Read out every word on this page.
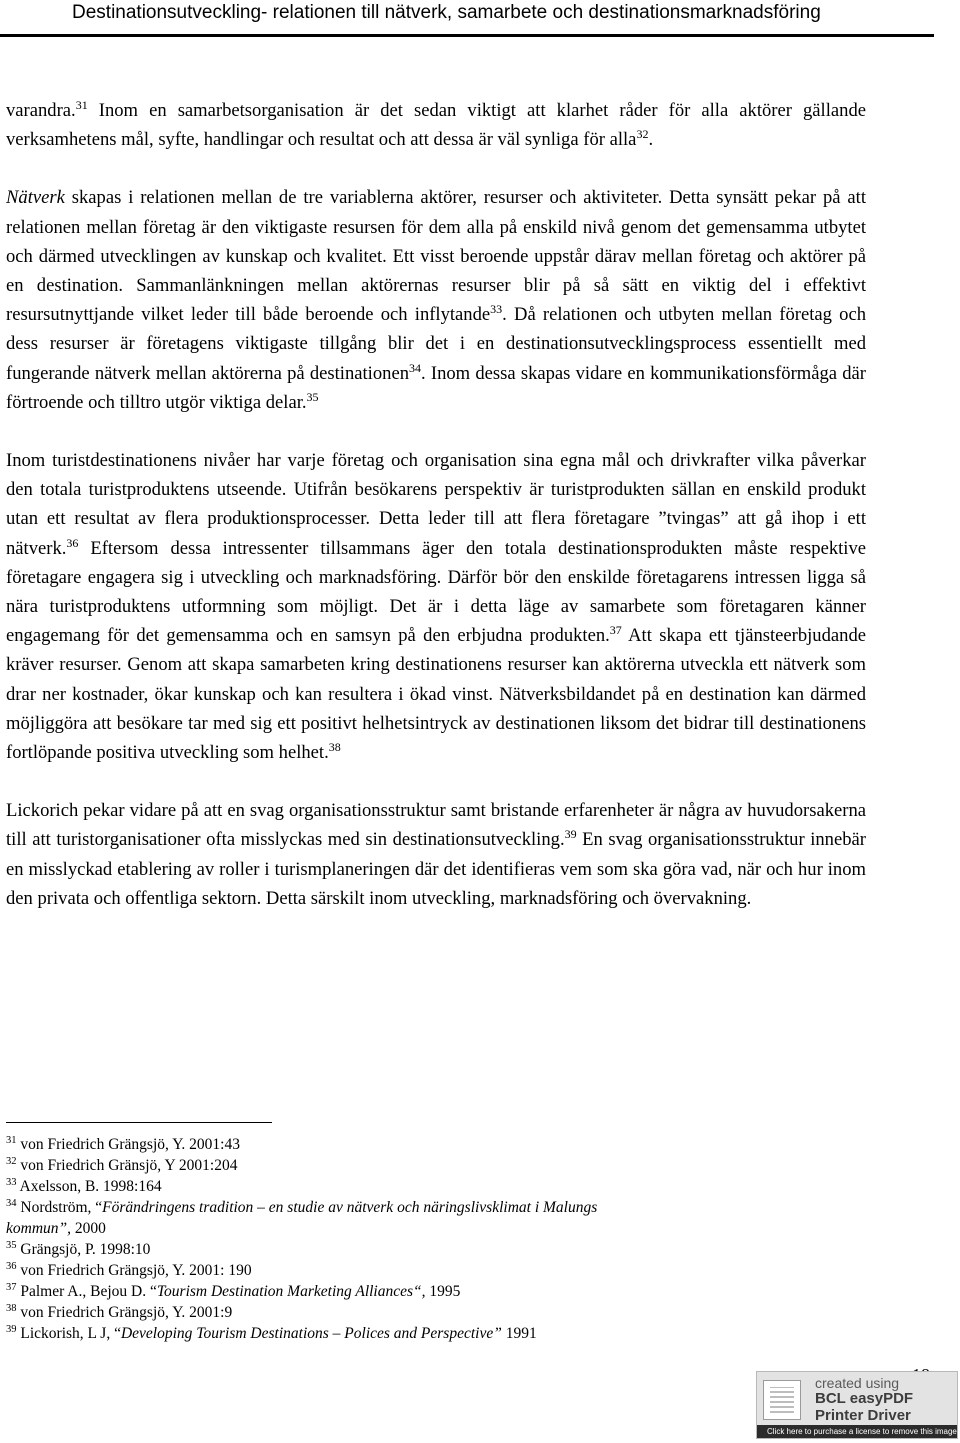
Destinationsutveckling- relationen till nätverk, samarbete och destinationsmarknadsföring

varandra.$^{31}$ Inom en samarbetsorganisation är det sedan viktigt att klarhet råder för alla aktörer gällande verksamhetens mål, syfte, handlingar och resultat och att dessa är väl synliga för alla$^{32}$.

Nätverk skapas i relationen mellan de tre variablerna aktörer, resurser och aktiviteter. Detta synsätt pekar på att relationen mellan företag är den viktigaste resursen för dem alla på enskild nivå genom det gemensamma utbytet och därmed utvecklingen av kunskap och kvalitet. Ett visst beroende uppstår därav mellan företag och aktörer på en destination. Sammanlänkningen mellan aktörernas resurser blir på så sätt en viktig del i effektivt resursutnyttjande vilket leder till både beroende och inflytande$^{33}$. Då relationen och utbyten mellan företag och dess resurser är företagens viktigaste tillgång blir det i en destinationsutvecklingsprocess essentiellt med fungerande nätverk mellan aktörerna på destinationen$^{34}$. Inom dessa skapas vidare en kommunikationsförmåga där förtroende och tilltro utgör viktiga delar.$^{35}$

Inom turistdestinationens nivåer har varje företag och organisation sina egna mål och drivkrafter vilka påverkar den totala turistproduktens utseende. Utifrån besökarens perspektiv är turistprodukten sällan en enskild produkt utan ett resultat av flera produktionsprocesser. Detta leder till att flera företagare ”tvingas” att gå ihop i ett nätverk.$^{36}$ Eftersom dessa intressenter tillsammans äger den totala destinationsprodukten måste respektive företagare engagera sig i utveckling och marknadsföring. Därför bör den enskilde företagarens intressen ligga så nära turistproduktens utformning som möjligt. Det är i detta läge av samarbete som företagaren känner engagemang för det gemensamma och en samsyn på den erbjudna produkten.$^{37}$ Att skapa ett tjänsteerbjudande kräver resurser. Genom att skapa samarbeten kring destinationens resurser kan aktörerna utveckla ett nätverk som drar ner kostnader, ökar kunskap och kan resultera i ökad vinst. Nätverksbildandet på en destination kan därmed möjliggöra att besökare tar med sig ett positivt helhetsintryck av destinationen liksom det bidrar till destinationens fortlöpande positiva utveckling som helhet.$^{38}$

Lickorich pekar vidare på att en svag organisationsstruktur samt bristande erfarenheter är några av huvudorsakerna till att turistorganisationer ofta misslyckas med sin destinationsutveckling.$^{39}$ En svag organisationsstruktur innebär en misslyckad etablering av roller i turismplaneringen där det identifieras vem som ska göra vad, när och hur inom den privata och offentliga sektorn. Detta särskilt inom utveckling, marknadsföring och övervakning.

$^{31}$ von Friedrich Grängsjö, Y. 2001:43
$^{32}$ von Friedrich Gränsjö, Y 2001:204
$^{33}$ Axelsson, B. 1998:164
$^{34}$ Nordström, “Förändringens tradition – en studie av nätverk och näringslivsklimat i Malungs kommun”, 2000
$^{35}$ Grängsjö, P. 1998:10
$^{36}$ von Friedrich Grängsjö, Y. 2001: 190
$^{37}$ Palmer A., Bejou D. “Tourism Destination Marketing Alliances“, 1995
$^{38}$ von Friedrich Grängsjö, Y. 2001:9
$^{39}$ Lickorish, L J, “Developing Tourism Destinations – Polices and Perspective” 1991
created using
BCL easyPDF
Printer Driver
Click here to purchase a license to remove this image
